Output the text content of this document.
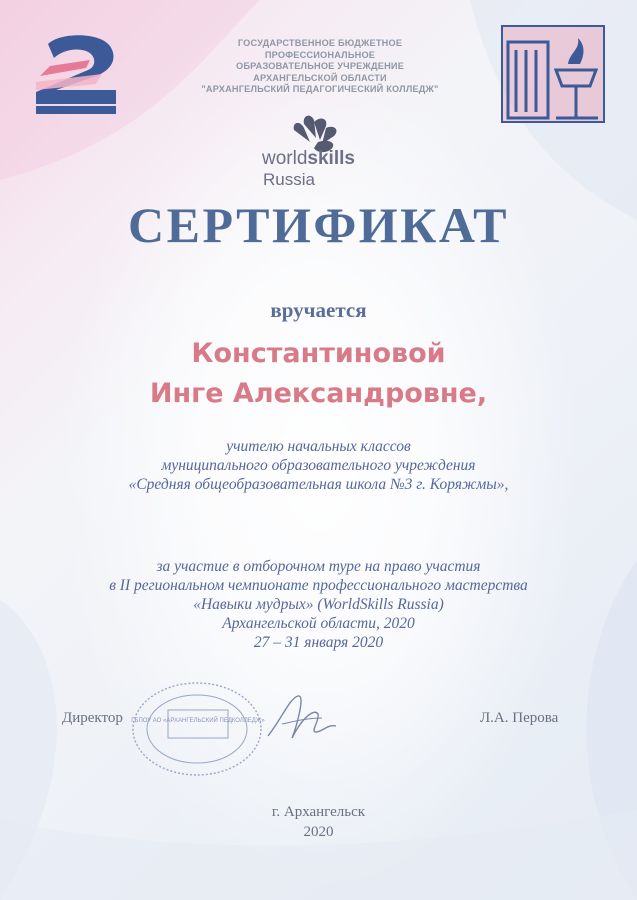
ГОСУДАРСТВЕННОЕ БЮДЖЕТНОЕ
ПРОФЕССИОНАЛЬНОЕ
ОБРАЗОВАТЕЛЬНОЕ УЧРЕЖДЕНИЕ
АРХАНГЕЛЬСКОЙ ОБЛАСТИ
"АРХАНГЕЛЬСКИЙ ПЕДАГОГИЧЕСКИЙ КОЛЛЕДЖ"
worldskills
Russia
СЕРТИФИКАТ
вручается
Константиновой
Инге Александровне,
учителю начальных классов
муниципального образовательного учреждения
«Средняя общеобразовательная школа №3 г. Коряжмы»,
за участие в отборочном туре на право участия
в II региональном чемпионате профессионального мастерства
«Навыки мудрых» (WorldSkills Russia)
Архангельской области, 2020
27 – 31 января 2020
ГБПОУ АО «АРХАНГЕЛЬСКИЙ ПЕДКОЛЛЕДЖ»
Директор	Л.А. Перова
г. Архангельск
2020
